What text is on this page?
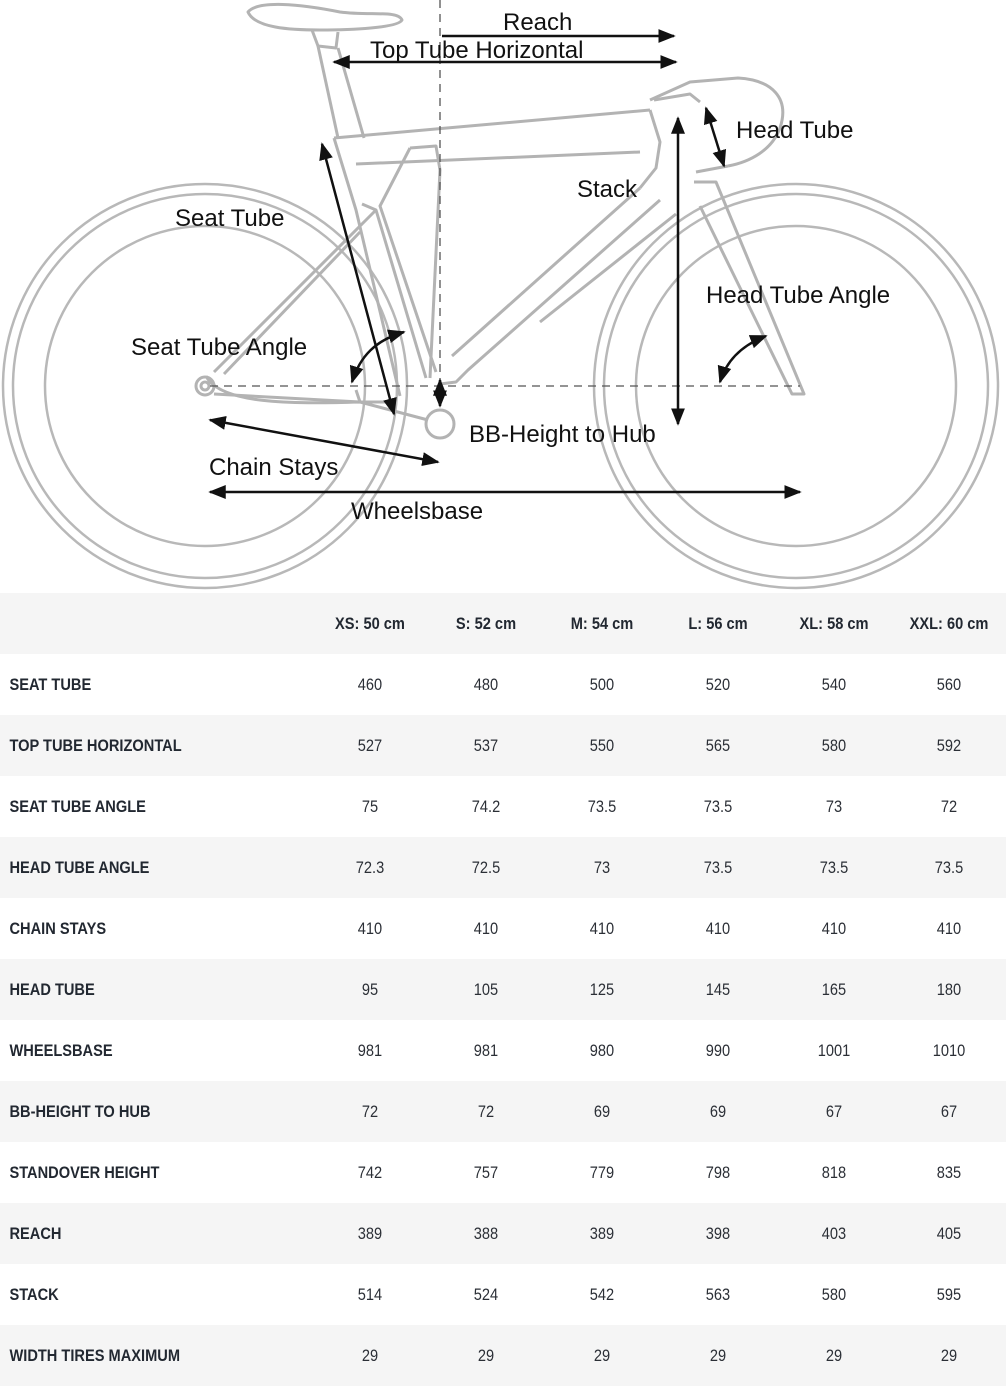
Reach
Top Tube Horizontal
Head Tube
Stack
Seat Tube
Head Tube Angle
Seat Tube Angle
BB-Height to Hub
Chain Stays
Wheelsbase
	XS: 50 cm	S: 52 cm	M: 54 cm	L: 56 cm	XL: 58 cm	XXL: 60 cm
SEAT TUBE	460	480	500	520	540	560
TOP TUBE HORIZONTAL	527	537	550	565	580	592
SEAT TUBE ANGLE	75	74.2	73.5	73.5	73	72
HEAD TUBE ANGLE	72.3	72.5	73	73.5	73.5	73.5
CHAIN STAYS	410	410	410	410	410	410
HEAD TUBE	95	105	125	145	165	180
WHEELSBASE	981	981	980	990	1001	1010
BB-HEIGHT TO HUB	72	72	69	69	67	67
STANDOVER HEIGHT	742	757	779	798	818	835
REACH	389	388	389	398	403	405
STACK	514	524	542	563	580	595
WIDTH TIRES MAXIMUM	29	29	29	29	29	29
